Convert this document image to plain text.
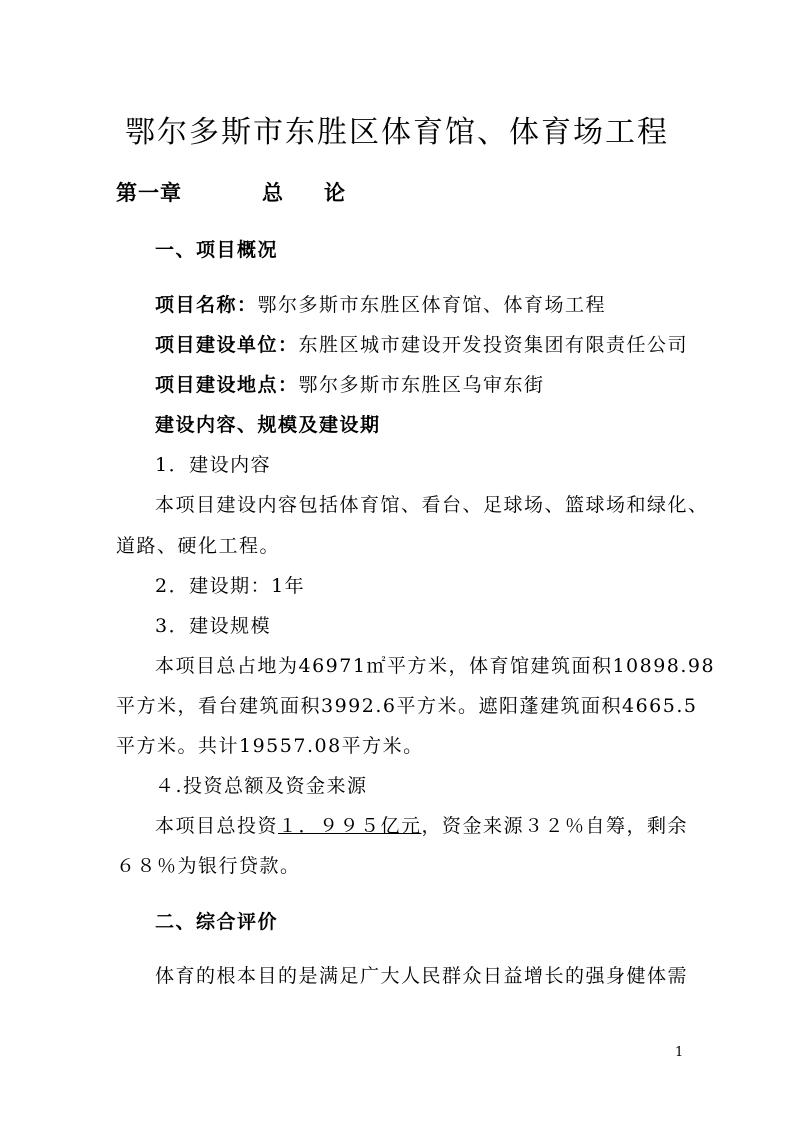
鄂尔多斯市东胜区体育馆、体育场工程
第一章	总 论
一、项目概况
项目名称：鄂尔多斯市东胜区体育馆、体育场工程
项目建设单位：东胜区城市建设开发投资集团有限责任公司
项目建设地点：鄂尔多斯市东胜区乌审东街
建设内容、规模及建设期
1．建设内容
本项目建设内容包括体育馆、看台、足球场、篮球场和绿化、
道路、硬化工程。
2．建设期：1年
3．建设规模
本项目总占地为46971㎡平方米，体育馆建筑面积10898.98
平方米，看台建筑面积3992.6平方米。遮阳蓬建筑面积4665.5
平方米。共计19557.08平方米。
４.投资总额及资金来源
本项目总投资１．９９５亿元，资金来源３２％自筹，剩余
６８％为银行贷款。
二、综合评价
体育的根本目的是满足广大人民群众日益增长的强身健体需
1
